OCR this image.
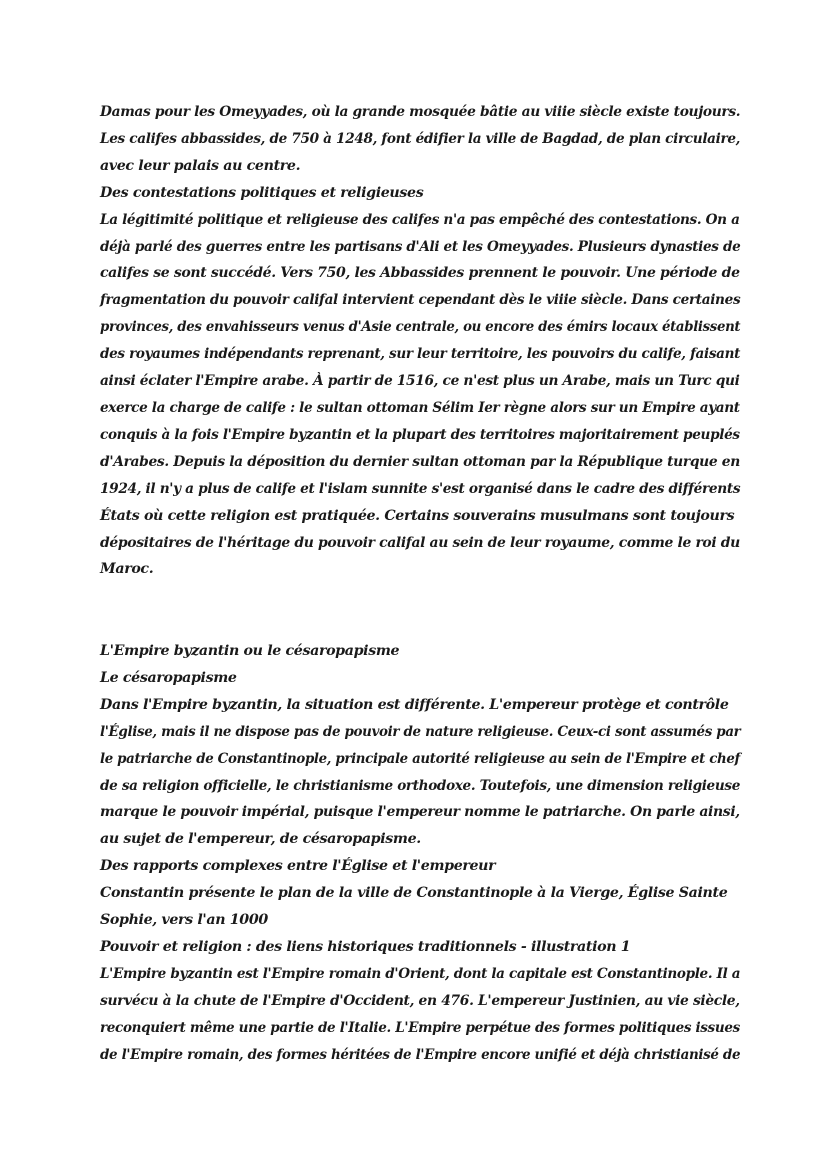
Damas pour les Omeyyades, où la grande mosquée bâtie au viiie siècle existe toujours.
Les califes abbassides, de 750 à 1248, font édifier la ville de Bagdad, de plan circulaire,
avec leur palais au centre.
Des contestations politiques et religieuses
La légitimité politique et religieuse des califes n'a pas empêché des contestations. On a
déjà parlé des guerres entre les partisans d'Ali et les Omeyyades. Plusieurs dynasties de
califes se sont succédé. Vers 750, les Abbassides prennent le pouvoir. Une période de
fragmentation du pouvoir califal intervient cependant dès le viiie siècle. Dans certaines
provinces, des envahisseurs venus d'Asie centrale, ou encore des émirs locaux établissent
des royaumes indépendants reprenant, sur leur territoire, les pouvoirs du calife, faisant
ainsi éclater l'Empire arabe. À partir de 1516, ce n'est plus un Arabe, mais un Turc qui
exerce la charge de calife : le sultan ottoman Sélim Ier règne alors sur un Empire ayant
conquis à la fois l'Empire byzantin et la plupart des territoires majoritairement peuplés
d'Arabes. Depuis la déposition du dernier sultan ottoman par la République turque en
1924, il n'y a plus de calife et l'islam sunnite s'est organisé dans le cadre des différents
États où cette religion est pratiquée. Certains souverains musulmans sont toujours
dépositaires de l'héritage du pouvoir califal au sein de leur royaume, comme le roi du
Maroc.
L'Empire byzantin ou le césaropapisme
Le césaropapisme
Dans l'Empire byzantin, la situation est différente. L'empereur protège et contrôle
l'Église, mais il ne dispose pas de pouvoir de nature religieuse. Ceux-ci sont assumés par
le patriarche de Constantinople, principale autorité religieuse au sein de l'Empire et chef
de sa religion officielle, le christianisme orthodoxe. Toutefois, une dimension religieuse
marque le pouvoir impérial, puisque l'empereur nomme le patriarche. On parle ainsi,
au sujet de l'empereur, de césaropapisme.
Des rapports complexes entre l'Église et l'empereur
Constantin présente le plan de la ville de Constantinople à la Vierge, Église Sainte
Sophie, vers l'an 1000
Pouvoir et religion : des liens historiques traditionnels - illustration 1
L'Empire byzantin est l'Empire romain d'Orient, dont la capitale est Constantinople. Il a
survécu à la chute de l'Empire d'Occident, en 476. L'empereur Justinien, au vie siècle,
reconquiert même une partie de l'Italie. L'Empire perpétue des formes politiques issues
de l'Empire romain, des formes héritées de l'Empire encore unifié et déjà christianisé de
